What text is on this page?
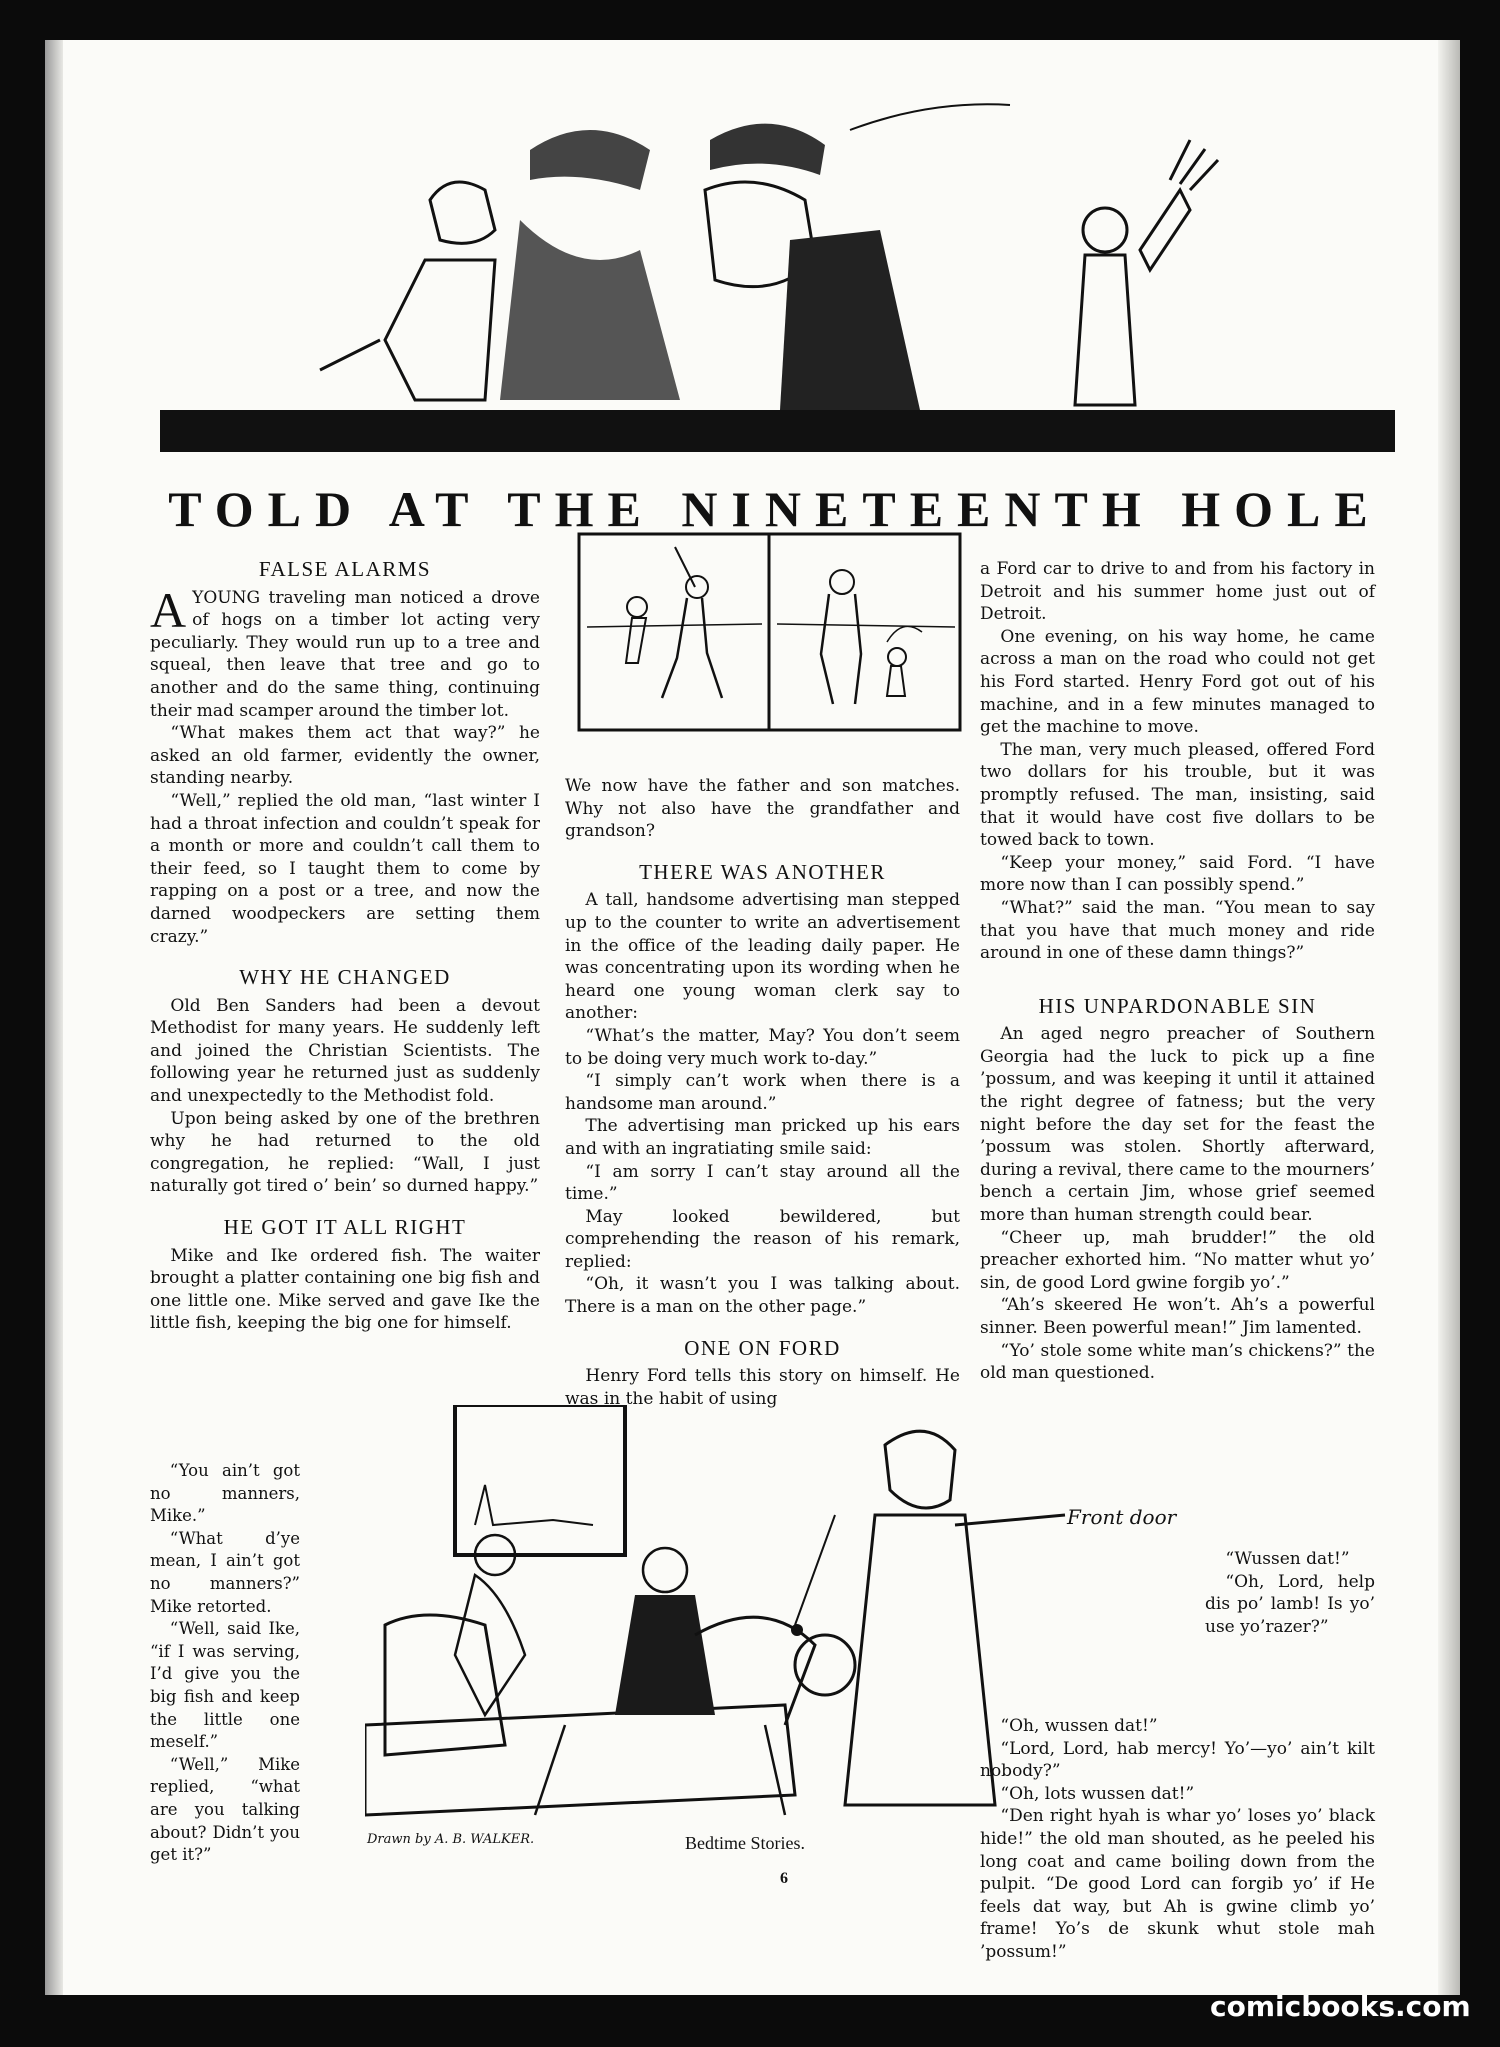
TOLD AT THE NINETEENTH HOLE
FALSE ALARMS

AYOUNG traveling man noticed a drove of hogs on a timber lot acting very peculiarly. They would run up to a tree and squeal, then leave that tree and go to another and do the same thing, continuing their mad scamper around the timber lot.

“What makes them act that way?” he asked an old farmer, evidently the owner, standing nearby.

“Well,” replied the old man, “last winter I had a throat infection and couldn’t speak for a month or more and couldn’t call them to their feed, so I taught them to come by rapping on a post or a tree, and now the darned woodpeckers are setting them crazy.”

WHY HE CHANGED

Old Ben Sanders had been a devout Methodist for many years. He suddenly left and joined the Christian Scientists. The following year he returned just as suddenly and unexpectedly to the Methodist fold.

Upon being asked by one of the brethren why he had returned to the old congregation, he replied: “Wall, I just naturally got tired o’ bein’ so durned happy.”

HE GOT IT ALL RIGHT

Mike and Ike ordered fish. The waiter brought a platter containing one big fish and one little one. Mike served and gave Ike the little fish, keeping the big one for himself.

“You ain’t got no manners, Mike.”

“What d’ye mean, I ain’t got no manners?” Mike retorted.

“Well, said Ike, “if I was serving, I’d give you the big fish and keep the little one meself.”

“Well,” Mike replied, “what are you talking about? Didn’t you get it?”

We now have the father and son matches. Why not also have the grandfather and grandson?

THERE WAS ANOTHER

A tall, handsome advertising man stepped up to the counter to write an advertisement in the office of the leading daily paper. He was concentrating upon its wording when he heard one young woman clerk say to another:

“What’s the matter, May? You don’t seem to be doing very much work to-day.”

“I simply can’t work when there is a handsome man around.”

The advertising man pricked up his ears and with an ingratiating smile said:

“I am sorry I can’t stay around all the time.”

May looked bewildered, but comprehending the reason of his remark, replied:

“Oh, it wasn’t you I was talking about. There is a man on the other page.”

ONE ON FORD

Henry Ford tells this story on himself. He was in the habit of using

a Ford car to drive to and from his factory in Detroit and his summer home just out of Detroit.

One evening, on his way home, he came across a man on the road who could not get his Ford started. Henry Ford got out of his machine, and in a few minutes managed to get the machine to move.

The man, very much pleased, offered Ford two dollars for his trouble, but it was promptly refused. The man, insisting, said that it would have cost five dollars to be towed back to town.

“Keep your money,” said Ford. “I have more now than I can possibly spend.”

“What?” said the man. “You mean to say that you have that much money and ride around in one of these damn things?”

HIS UNPARDONABLE SIN

An aged negro preacher of Southern Georgia had the luck to pick up a fine ’possum, and was keeping it until it attained the right degree of fatness; but the very night before the day set for the feast the ’possum was stolen. Shortly afterward, during a revival, there came to the mourners’ bench a certain Jim, whose grief seemed more than human strength could bear.

“Cheer up, mah brudder!” the old preacher exhorted him. “No matter whut yo’ sin, de good Lord gwine forgib yo’.”

“Ah’s skeered He won’t. Ah’s a powerful sinner. Been powerful mean!” Jim lamented.

“Yo’ stole some white man’s chickens?” the old man questioned.

“Wussen dat!”

“Oh, Lord, help dis po’ lamb! Is yo’ use yo’razer?”

“Oh, wussen dat!”

“Lord, Lord, hab mercy! Yo’—yo’ ain’t kilt nobody?”

“Oh, lots wussen dat!”

“Den right hyah is whar yo’ loses yo’ black hide!” the old man shouted, as he peeled his long coat and came boiling down from the pulpit. “De good Lord can forgib yo’ if He feels dat way, but Ah is gwine climb yo’ frame! Yo’s de skunk whut stole mah ’possum!”

Front door
Drawn by A. B. WALKER.	Bedtime Stories.
6
comicbooks.com
